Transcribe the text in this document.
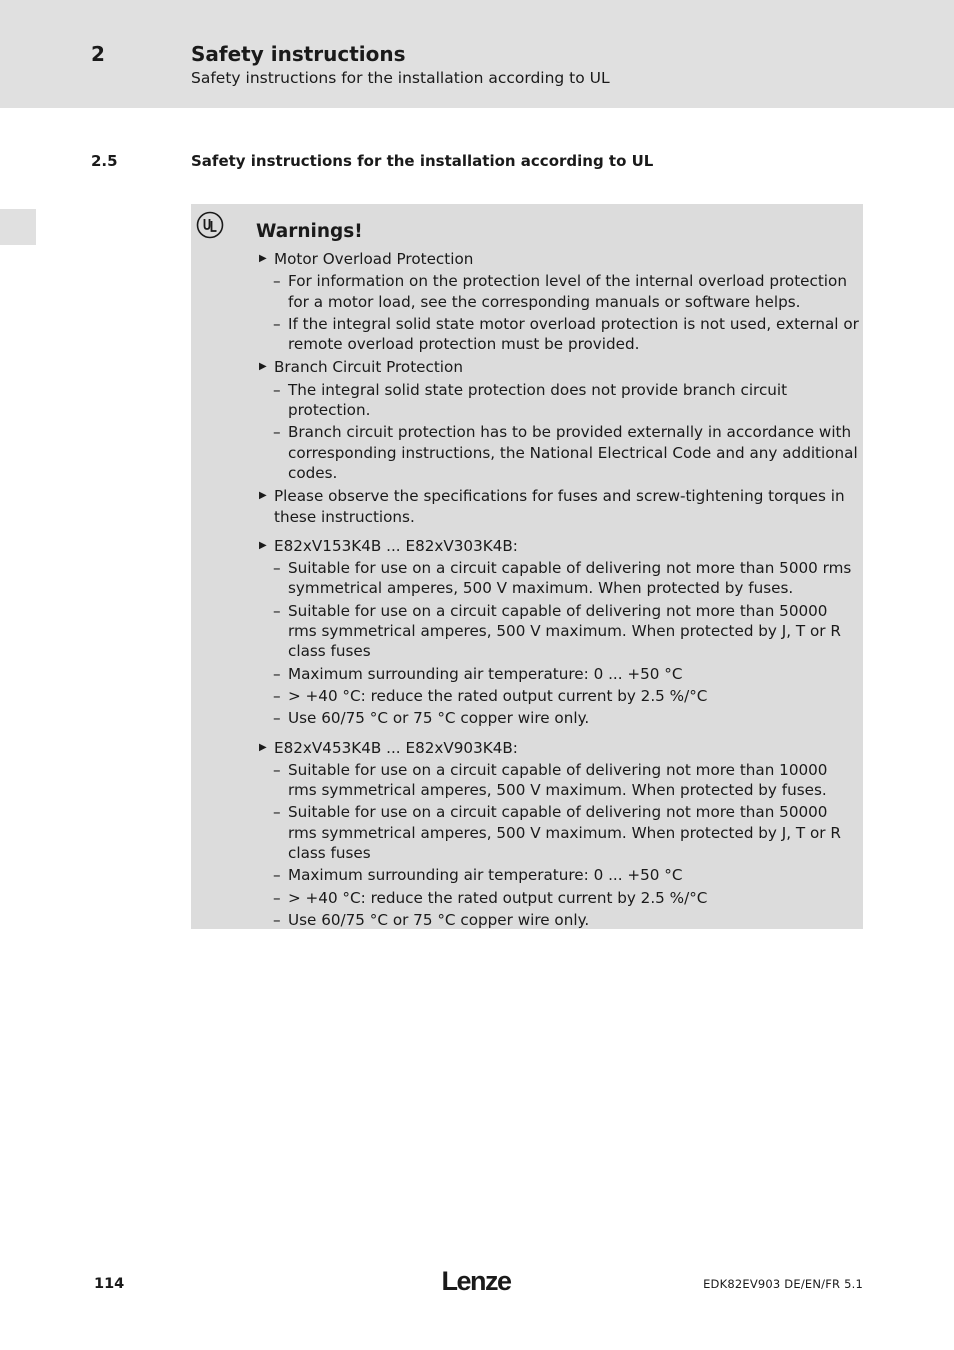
2	Safety instructions
Safety instructions for the installation according to UL
2.5	Safety instructions for the installation according to UL
Warnings!
▶ Motor Overload Protection
– For information on the protection level of the internal overload protection for a motor load, see the corresponding manuals or software helps.
– If the integral solid state motor overload protection is not used, external or remote overload protection must be provided.
▶ Branch Circuit Protection
– The integral solid state protection does not provide branch circuit protection.
– Branch circuit protection has to be provided externally in accordance with corresponding instructions, the National Electrical Code and any additional codes.
▶ Please observe the specifications for fuses and screw-tightening torques in these instructions.
▶ E82xV153K4B ... E82xV303K4B:
– Suitable for use on a circuit capable of delivering not more than 5000 rms symmetrical amperes, 500 V maximum. When protected by fuses.
– Suitable for use on a circuit capable of delivering not more than 50000 rms symmetrical amperes, 500 V maximum. When protected by J, T or R class fuses
– Maximum surrounding air temperature: 0 ... +50 °C
– > +40 °C: reduce the rated output current by 2.5 %/°C
– Use 60/75 °C or 75 °C copper wire only.
▶ E82xV453K4B ... E82xV903K4B:
– Suitable for use on a circuit capable of delivering not more than 10000 rms symmetrical amperes, 500 V maximum. When protected by fuses.
– Suitable for use on a circuit capable of delivering not more than 50000 rms symmetrical amperes, 500 V maximum. When protected by J, T or R class fuses
– Maximum surrounding air temperature: 0 ... +50 °C
– > +40 °C: reduce the rated output current by 2.5 %/°C
– Use 60/75 °C or 75 °C copper wire only.
114	Lenze	EDK82EV903 DE/EN/FR 5.1
